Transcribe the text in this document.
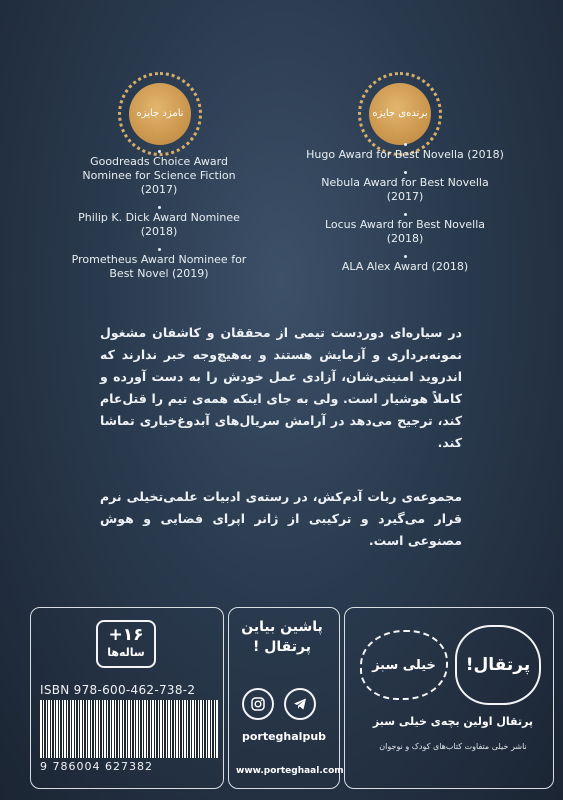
نامزد جایزه	برنده‌ی جایزه
Goodreads Choice Award Nominee for Science Fiction (2017)
Philip K. Dick Award Nominee (2018)
Prometheus Award Nominee for Best Novel (2019)
Hugo Award for Best Novella (2018)
Nebula Award for Best Novella (2017)
Locus Award for Best Novella (2018)
ALA Alex Award (2018)
در سیاره‌ای دوردست تیمی از محققان و کاشفان مشغول نمونه‌برداری و آزمایش هستند و به‌هیچ‌وجه خبر ندارند که اندروید امنیتی‌شان، آزادی عمل خودش را به دست آورده و کاملاً هوشیار است. ولی به جای اینکه همه‌ی تیم را قتل‌عام کند، ترجیح می‌دهد در آرامش سریال‌های آبدوغ‌خیاری تماشا کند.
مجموعه‌ی ربات آدم‌کش، در رسته‌ی ادبیات علمی‌تخیلی نرم قرار می‌گیرد و ترکیبی از ژانر اپرای فضایی و هوش مصنوعی است.
+۱۶
ساله‌ها
ISBN 978-600-462-738-2
9 786004 627382
پاشین بیاین
پرتقال !
porteghalpub
www.porteghaal.com
پرتقال!
خیلی سبز
پرتقال اولین بچه‌ی خیلی سبز
ناشر خیلی متفاوت کتاب‌های کودک و نوجوان
